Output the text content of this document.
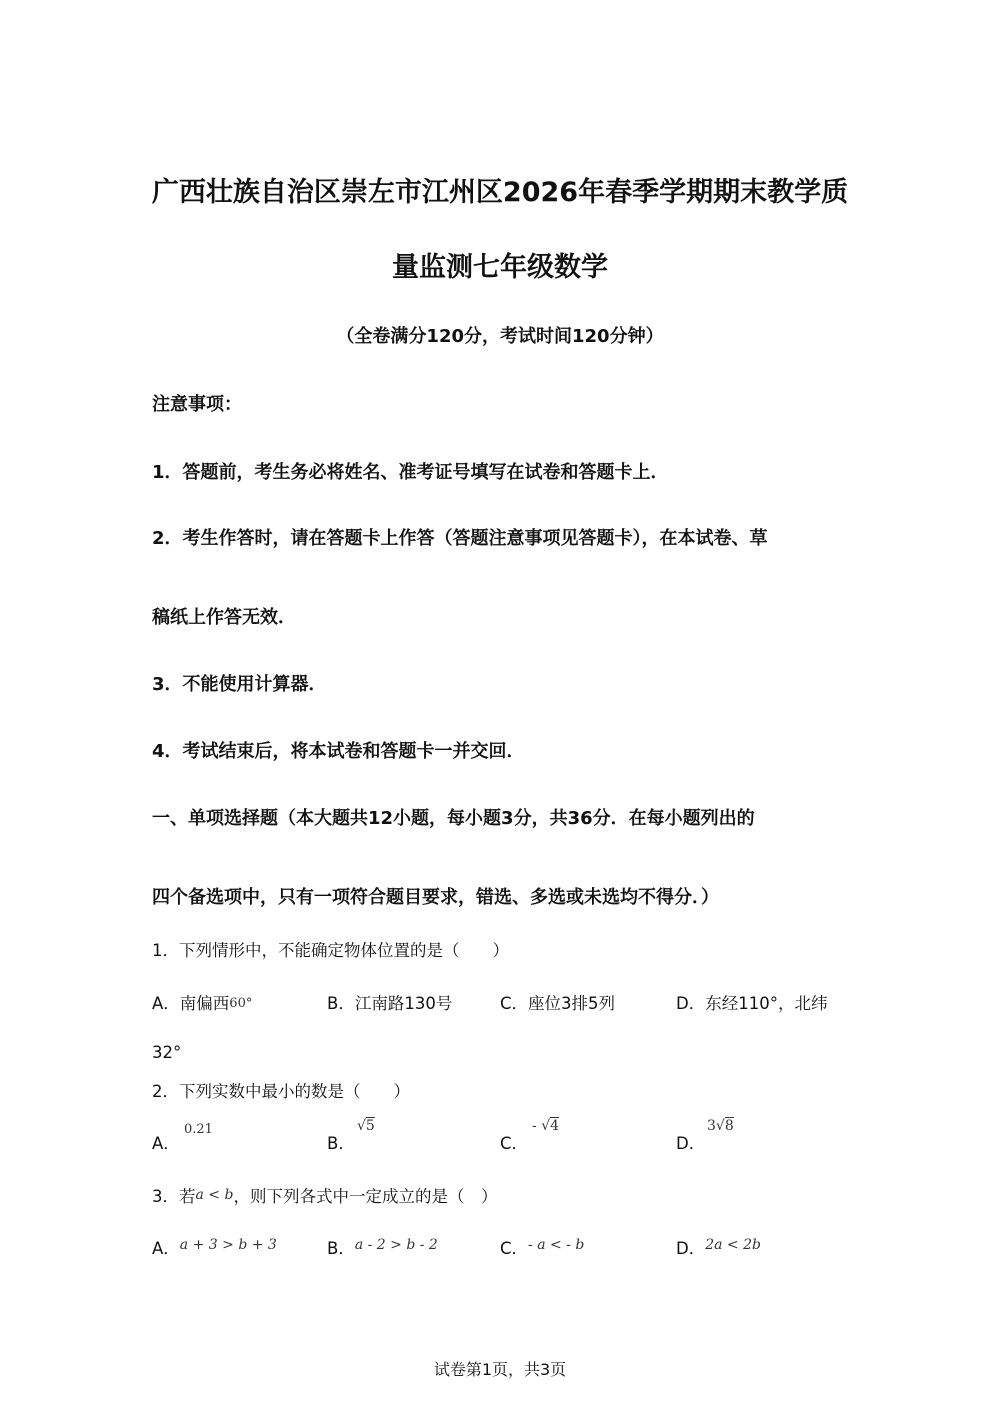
广西壮族自治区崇左市江州区2026年春季学期期末教学质
量监测七年级数学
（全卷满分120分，考试时间120分钟）
注意事项：
1．答题前，考生务必将姓名、准考证号填写在试卷和答题卡上．
2．考生作答时，请在答题卡上作答（答题注意事项见答题卡），在本试卷、草
稿纸上作答无效．
3．不能使用计算器．
4．考试结束后，将本试卷和答题卡一并交回．
一、单项选择题（本大题共12小题，每小题3分，共36分．在每小题列出的
四个备选项中，只有一项符合题目要求，错选、多选或未选均不得分．）
1．下列情形中，不能确定物体位置的是（　　）
A．南偏西60°	B．江南路130号	C．座位3排5列	D．东经110°，北纬
32°
2．下列实数中最小的数是（　　）
A．
0.21
B．
√5
C．
- √4
D．
3√8
3．若a < b，则下列各式中一定成立的是（　）
A．$^{a + 3 > b + 3}$	B．$^{a - 2 > b - 2}$	C．$^{- a < - b}$	D．$^{2a < 2b}$
试卷第1页，共3页
